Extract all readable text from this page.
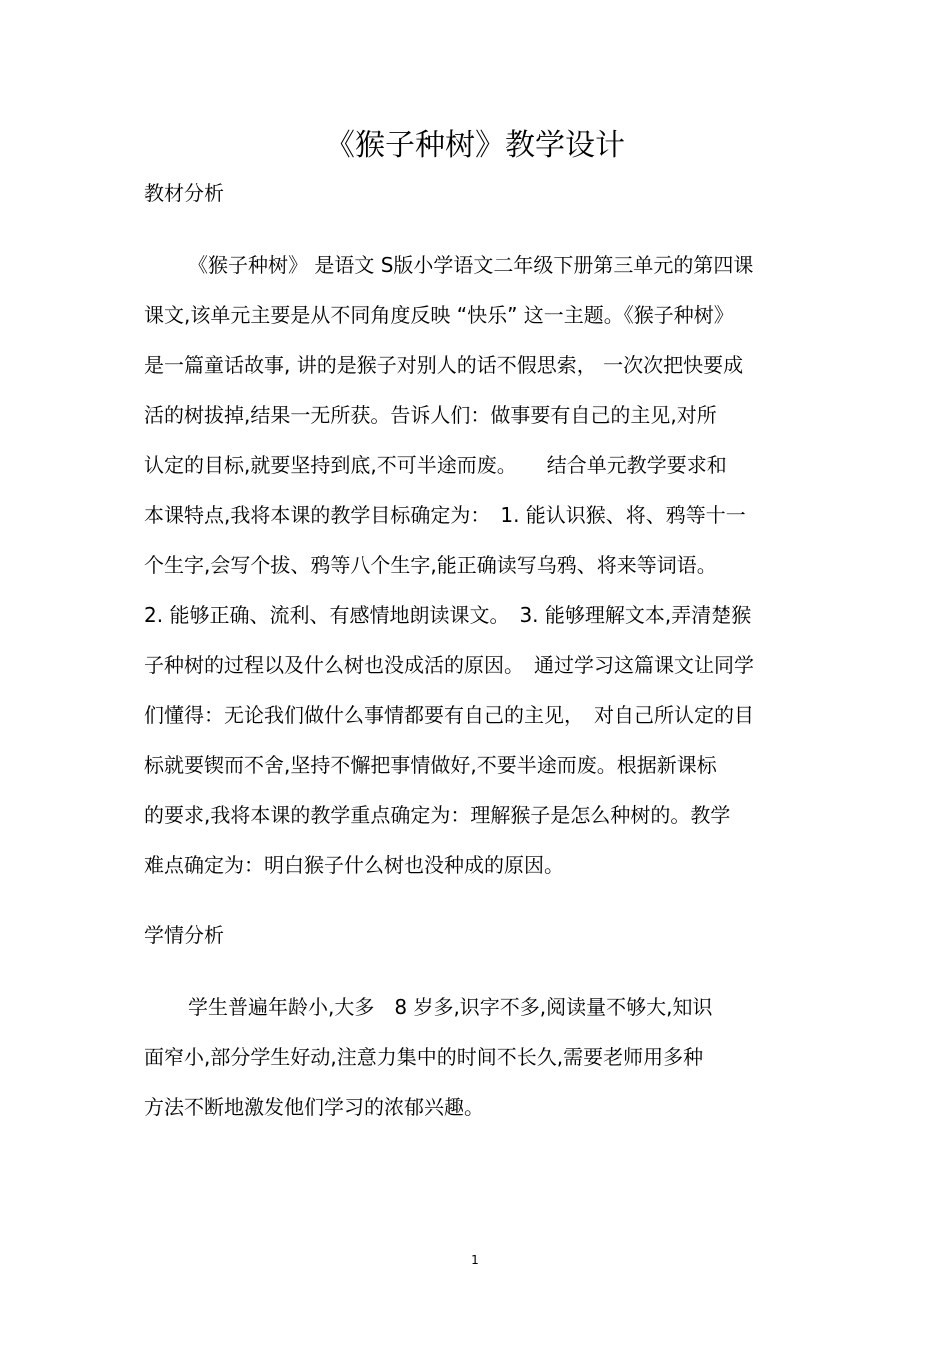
《猴子种树》教学设计
教材分析
《猴子种树》 是语文 S版小学语文二年级下册第三单元的第四课
课文,该单元主要是从不同角度反映 “快乐” 这一主题。《猴子种树》
是一篇童话故事, 讲的是猴子对别人的话不假思索， 一次次把快要成
活的树拔掉,结果一无所获。告诉人们：做事要有自己的主见,对所
认定的目标,就要坚持到底,不可半途而废。　　结合单元教学要求和
本课特点,我将本课的教学目标确定为：　1. 能认识猴、将、鸦等十一
个生字,会写个拔、鸦等八个生字,能正确读写乌鸦、将来等词语。
2. 能够正确、流利、有感情地朗读课文。　3. 能够理解文本,弄清楚猴
子种树的过程以及什么树也没成活的原因。　通过学习这篇课文让同学
们懂得：无论我们做什么事情都要有自己的主见，　对自己所认定的目
标就要锲而不舍,坚持不懈把事情做好,不要半途而废。根据新课标
的要求,我将本课的教学重点确定为：理解猴子是怎么种树的。教学
难点确定为：明白猴子什么树也没种成的原因。
学情分析
学生普遍年龄小,大多　8 岁多,识字不多,阅读量不够大,知识
面窄小,部分学生好动,注意力集中的时间不长久,需要老师用多种
方法不断地激发他们学习的浓郁兴趣。
1
